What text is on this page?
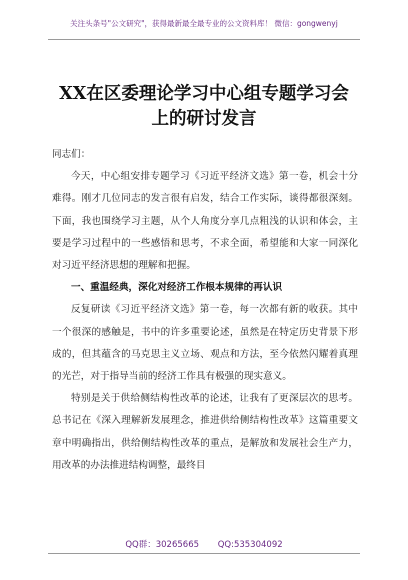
关注头条号"公文研究"，获得最新最全最专业的公文资料库！ 微信：gongwenyj
XX在区委理论学习中心组专题学习会
上的研讨发言

同志们：

今天，中心组安排专题学习《习近平经济文选》第一卷，机会十分难得。刚才几位同志的发言很有启发，结合工作实际，谈得都很深刻。下面，我也围绕学习主题，从个人角度分享几点粗浅的认识和体会，主要是学习过程中的一些感悟和思考，不求全面，希望能和大家一同深化对习近平经济思想的理解和把握。

一、重温经典，深化对经济工作根本规律的再认识

反复研读《习近平经济文选》第一卷，每一次都有新的收获。其中一个很深的感触是，书中的许多重要论述，虽然是在特定历史背景下形成的，但其蕴含的马克思主义立场、观点和方法，至今依然闪耀着真理的光芒，对于指导当前的经济工作具有极强的现实意义。

特别是关于供给侧结构性改革的论述，让我有了更深层次的思考。总书记在《深入理解新发展理念，推进供给侧结构性改革》这篇重要文章中明确指出，供给侧结构性改革的重点，是解放和发展社会生产力，用改革的办法推进结构调整，最终目

QQ群：30265665 QQ:535304092
